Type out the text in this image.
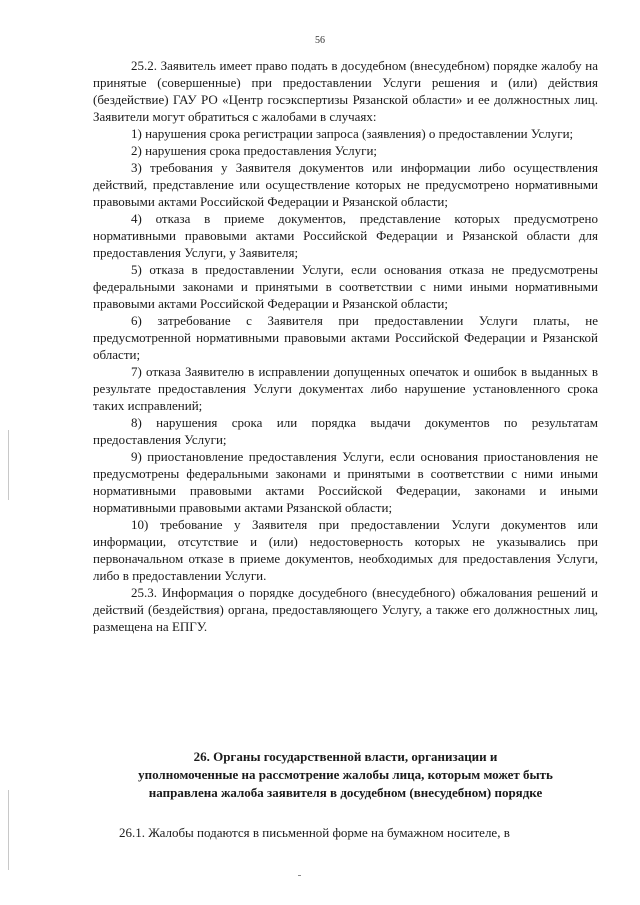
56

25.2. Заявитель имеет право подать в досудебном (внесудебном) порядке жалобу на принятые (совершенные) при предоставлении Услуги решения и (или) действия (бездействие) ГАУ РО «Центр госэкспертизы Рязанской области» и ее должностных лиц. Заявители могут обратиться с жалобами в случаях:

1) нарушения срока регистрации запроса (заявления) о предоставлении Услуги;

2) нарушения срока предоставления Услуги;

3) требования у Заявителя документов или информации либо осуществления действий, представление или осуществление которых не предусмотрено нормативными правовыми актами Российской Федерации и Рязанской области;

4) отказа в приеме документов, представление которых предусмотрено нормативными правовыми актами Российской Федерации и Рязанской области для предоставления Услуги, у Заявителя;

5) отказа в предоставлении Услуги, если основания отказа не предусмотрены федеральными законами и принятыми в соответствии с ними иными нормативными правовыми актами Российской Федерации и Рязанской области;

6) затребование с Заявителя при предоставлении Услуги платы, не предусмотренной нормативными правовыми актами Российской Федерации и Рязанской области;

7) отказа Заявителю в исправлении допущенных опечаток и ошибок в выданных в результате предоставления Услуги документах либо нарушение установленного срока таких исправлений;

8) нарушения срока или порядка выдачи документов по результатам предоставления Услуги;

9) приостановление предоставления Услуги, если основания приостановления не предусмотрены федеральными законами и принятыми в соответствии с ними иными нормативными правовыми актами Российской Федерации, законами и иными нормативными правовыми актами Рязанской области;

10) требование у Заявителя при предоставлении Услуги документов или информации, отсутствие и (или) недостоверность которых не указывались при первоначальном отказе в приеме документов, необходимых для предоставления Услуги, либо в предоставлении Услуги.

25.3. Информация о порядке досудебного (внесудебного) обжалования решений и действий (бездействия) органа, предоставляющего Услугу, а также его должностных лиц, размещена на ЕПГУ.

26. Органы государственной власти, организации и
уполномоченные на рассмотрение жалобы лица, которым может быть
направлена жалоба заявителя в досудебном (внесудебном) порядке

26.1. Жалобы подаются в письменной форме на бумажном носителе, в
